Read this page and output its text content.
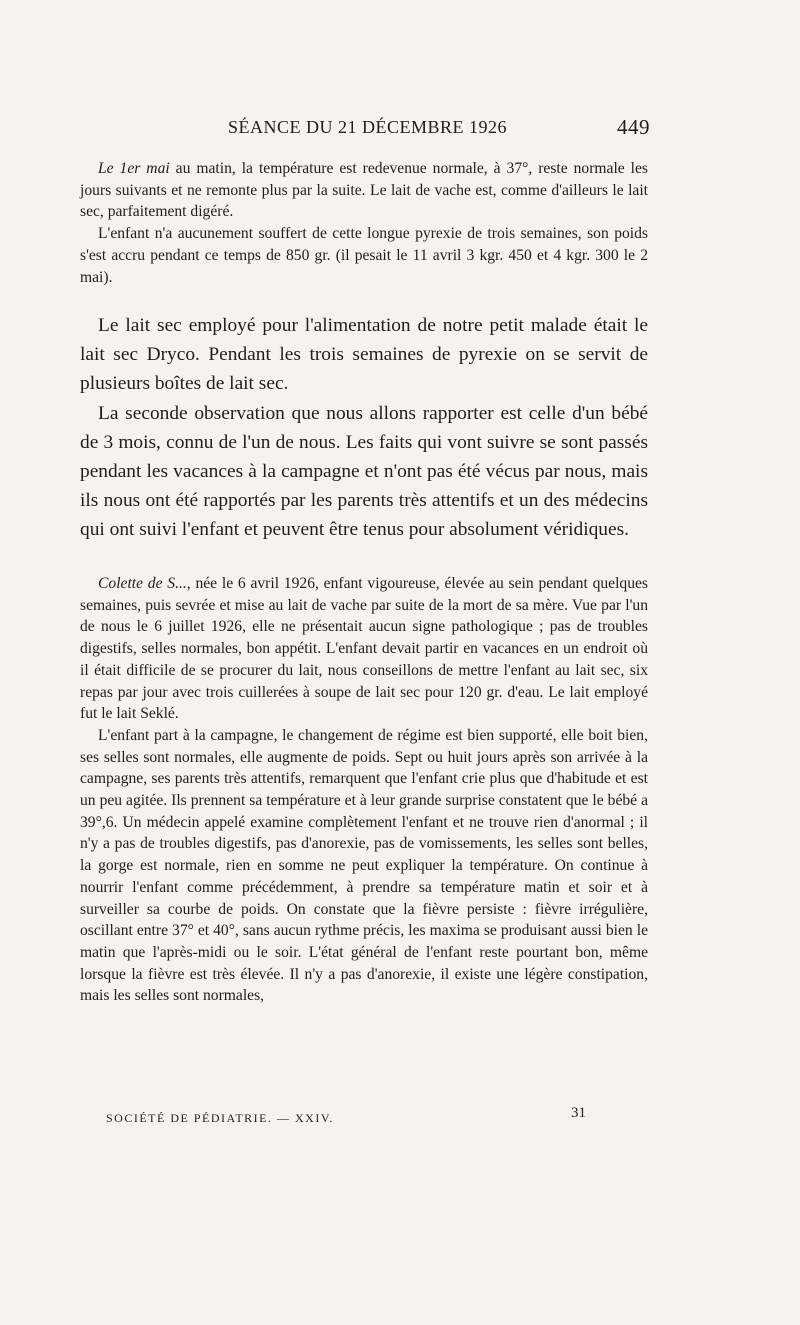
SÉANCE DU 21 DÉCEMBRE 1926	449

Le 1er mai au matin, la température est redevenue normale, à 37°, reste normale les jours suivants et ne remonte plus par la suite. Le lait de vache est, comme d'ailleurs le lait sec, parfaitement digéré.

L'enfant n'a aucunement souffert de cette longue pyrexie de trois semaines, son poids s'est accru pendant ce temps de 850 gr. (il pesait le 11 avril 3 kgr. 450 et 4 kgr. 300 le 2 mai).

Le lait sec employé pour l'alimentation de notre petit malade était le lait sec Dryco. Pendant les trois semaines de pyrexie on se servit de plusieurs boîtes de lait sec.

La seconde observation que nous allons rapporter est celle d'un bébé de 3 mois, connu de l'un de nous. Les faits qui vont suivre se sont passés pendant les vacances à la campagne et n'ont pas été vécus par nous, mais ils nous ont été rapportés par les parents très attentifs et un des médecins qui ont suivi l'enfant et peuvent être tenus pour absolument véridiques.

Colette de S..., née le 6 avril 1926, enfant vigoureuse, élevée au sein pendant quelques semaines, puis sevrée et mise au lait de vache par suite de la mort de sa mère. Vue par l'un de nous le 6 juillet 1926, elle ne présentait aucun signe pathologique ; pas de troubles digestifs, selles normales, bon appétit. L'enfant devait partir en vacances en un endroit où il était difficile de se procurer du lait, nous conseillons de mettre l'enfant au lait sec, six repas par jour avec trois cuillerées à soupe de lait sec pour 120 gr. d'eau. Le lait employé fut le lait Seklé.

L'enfant part à la campagne, le changement de régime est bien supporté, elle boit bien, ses selles sont normales, elle augmente de poids. Sept ou huit jours après son arrivée à la campagne, ses parents très attentifs, remarquent que l'enfant crie plus que d'habitude et est un peu agitée. Ils prennent sa température et à leur grande surprise constatent que le bébé a 39°,6. Un médecin appelé examine complètement l'enfant et ne trouve rien d'anormal ; il n'y a pas de troubles digestifs, pas d'anorexie, pas de vomissements, les selles sont belles, la gorge est normale, rien en somme ne peut expliquer la température. On continue à nourrir l'enfant comme précédemment, à prendre sa température matin et soir et à surveiller sa courbe de poids. On constate que la fièvre persiste : fièvre irrégulière, oscillant entre 37° et 40°, sans aucun rythme précis, les maxima se produisant aussi bien le matin que l'après-midi ou le soir. L'état général de l'enfant reste pourtant bon, même lorsque la fièvre est très élevée. Il n'y a pas d'anorexie, il existe une légère constipation, mais les selles sont normales,

SOCIÉTÉ DE PÉDIATRIE. — XXIV.	31
